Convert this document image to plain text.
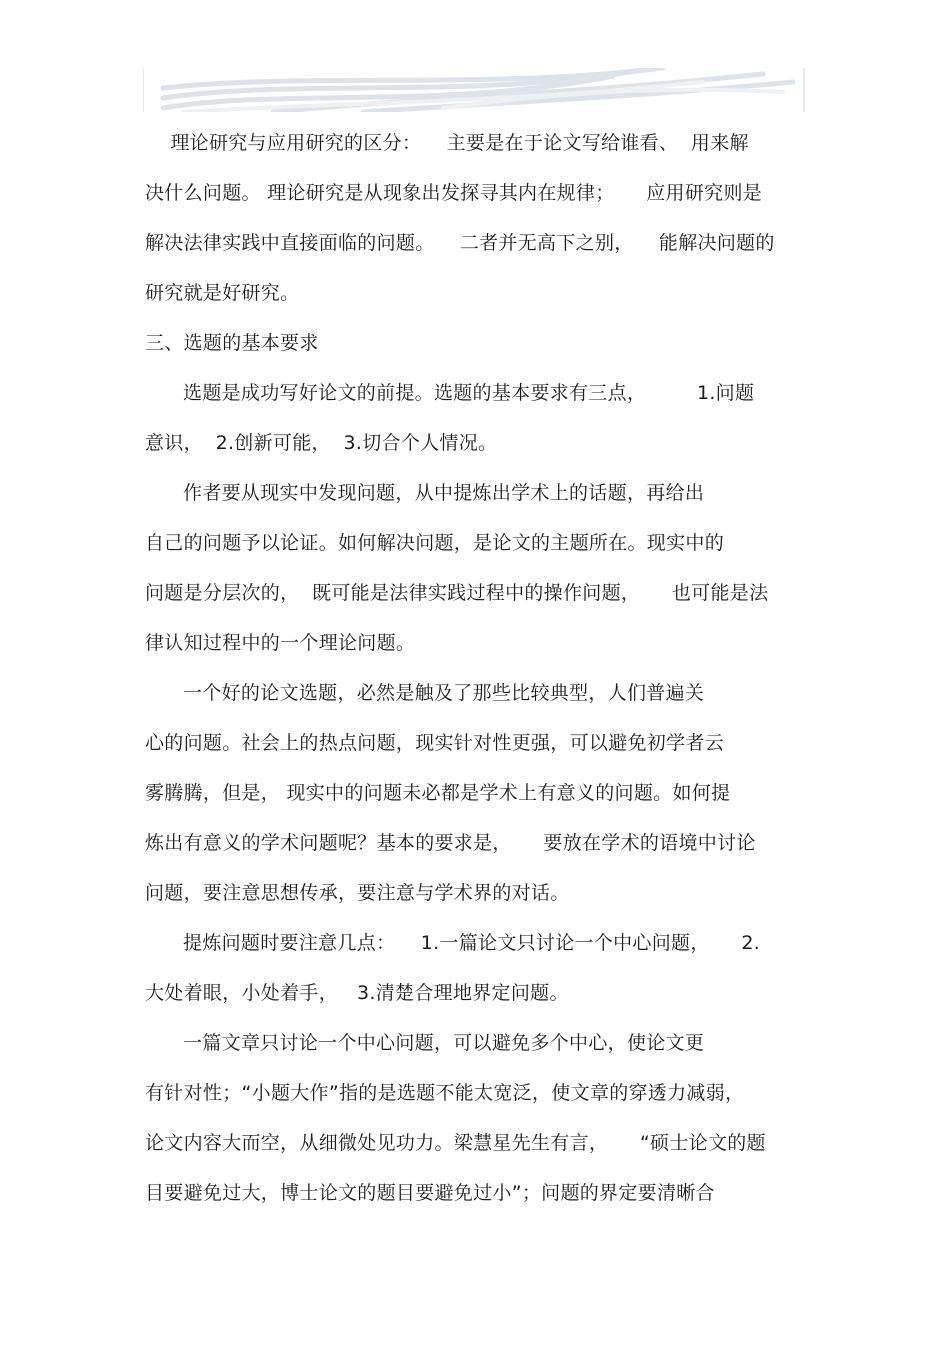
理论研究与应用研究的区分：    主要是在于论文写给谁看、  用来解
决什么问题。 理论研究是从现象出发探寻其内在规律；     应用研究则是
解决法律实践中直接面临的问题。    二者并无高下之别，    能解决问题的
研究就是好研究。
三、选题的基本要求
选题是成功写好论文的前提。选题的基本要求有三点，        1.问题
意识，  2.创新可能，  3.切合个人情况。
作者要从现实中发现问题，从中提炼出学术上的话题，再给出
自己的问题予以论证。如何解决问题，是论文的主题所在。现实中的
问题是分层次的，  既可能是法律实践过程中的操作问题，     也可能是法
律认知过程中的一个理论问题。
一个好的论文选题，必然是触及了那些比较典型，人们普遍关
心的问题。社会上的热点问题，现实针对性更强，可以避免初学者云
雾腾腾，但是， 现实中的问题未必都是学术上有意义的问题。如何提
炼出有意义的学术问题呢？基本的要求是，     要放在学术的语境中讨论
问题，要注意思想传承，要注意与学术界的对话。
提炼问题时要注意几点：    1.一篇论文只讨论一个中心问题，     2.
大处着眼，小处着手，   3.清楚合理地界定问题。
一篇文章只讨论一个中心问题，可以避免多个中心，使论文更
有针对性；“小题大作”指的是选题不能太宽泛，使文章的穿透力减弱，
论文内容大而空，从细微处见功力。梁慧星先生有言，     “硕士论文的题
目要避免过大，博士论文的题目要避免过小”；问题的界定要清晰合
